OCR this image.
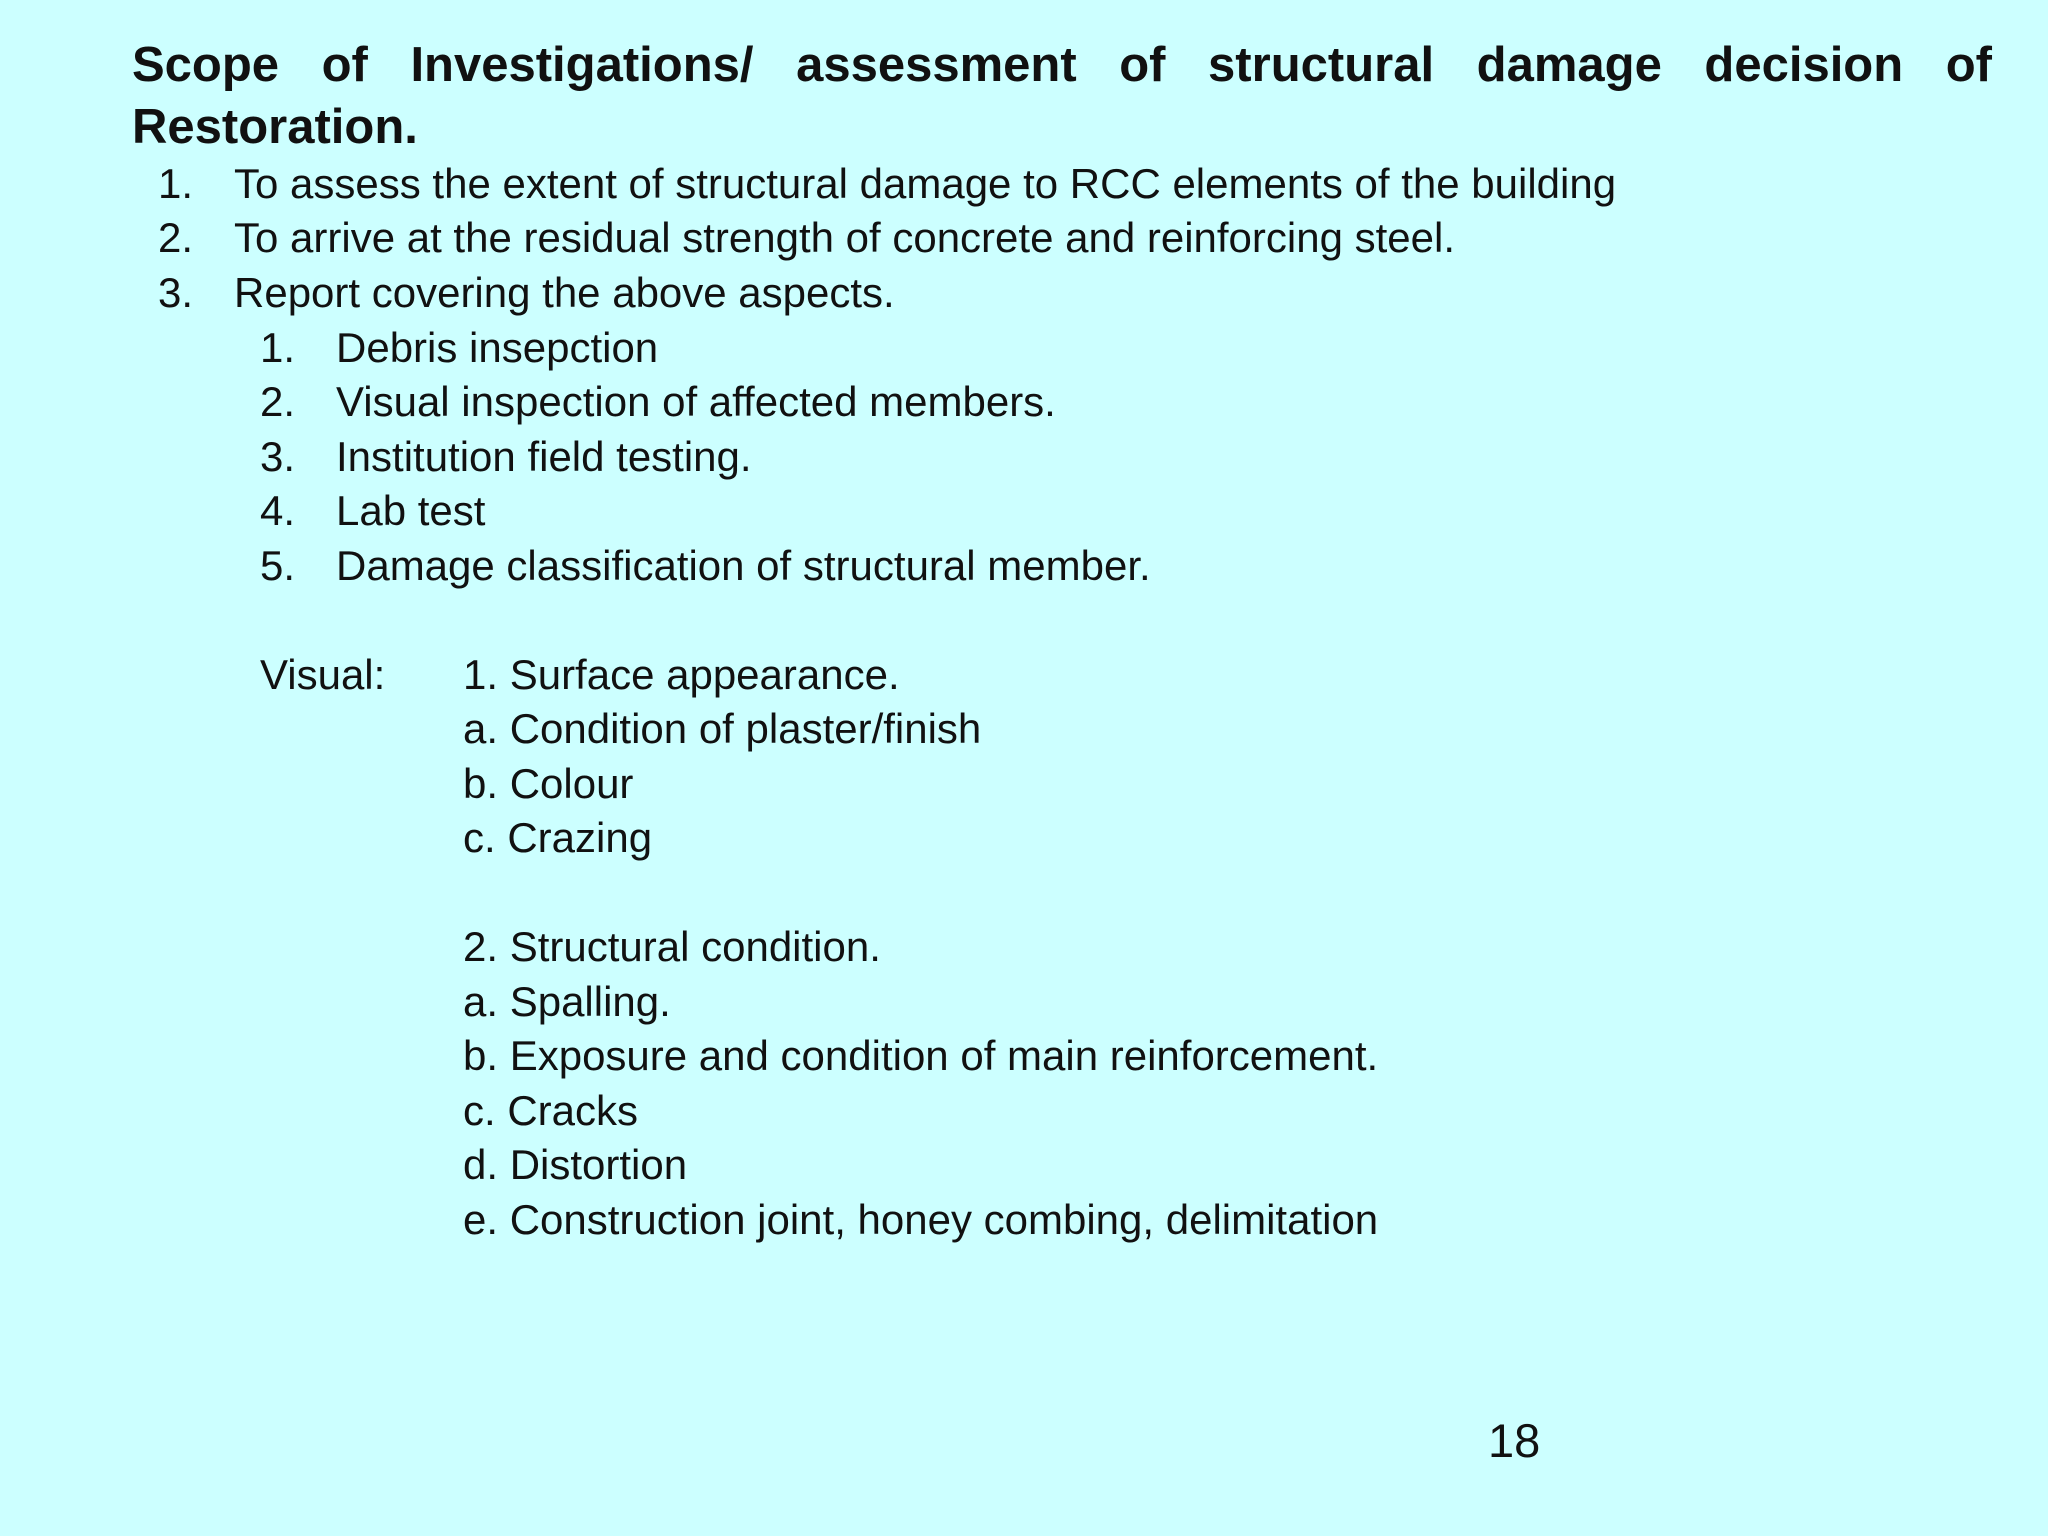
Scope of Investigations/ assessment of structural damage decision of Restoration.

1. To assess the extent of structural damage to RCC elements of the building
2. To arrive at the residual strength of concrete and reinforcing steel.
3. Report covering the above aspects.
1. Debris insepction
2. Visual inspection of affected members.
3. Institution field testing.
4. Lab test
5. Damage classification of structural member.
Visual: 1. Surface appearance.
a. Condition of plaster/finish
b. Colour
c. Crazing
2. Structural condition.
a. Spalling.
b. Exposure and condition of main reinforcement.
c. Cracks
d. Distortion
e. Construction joint, honey combing, delimitation
18
